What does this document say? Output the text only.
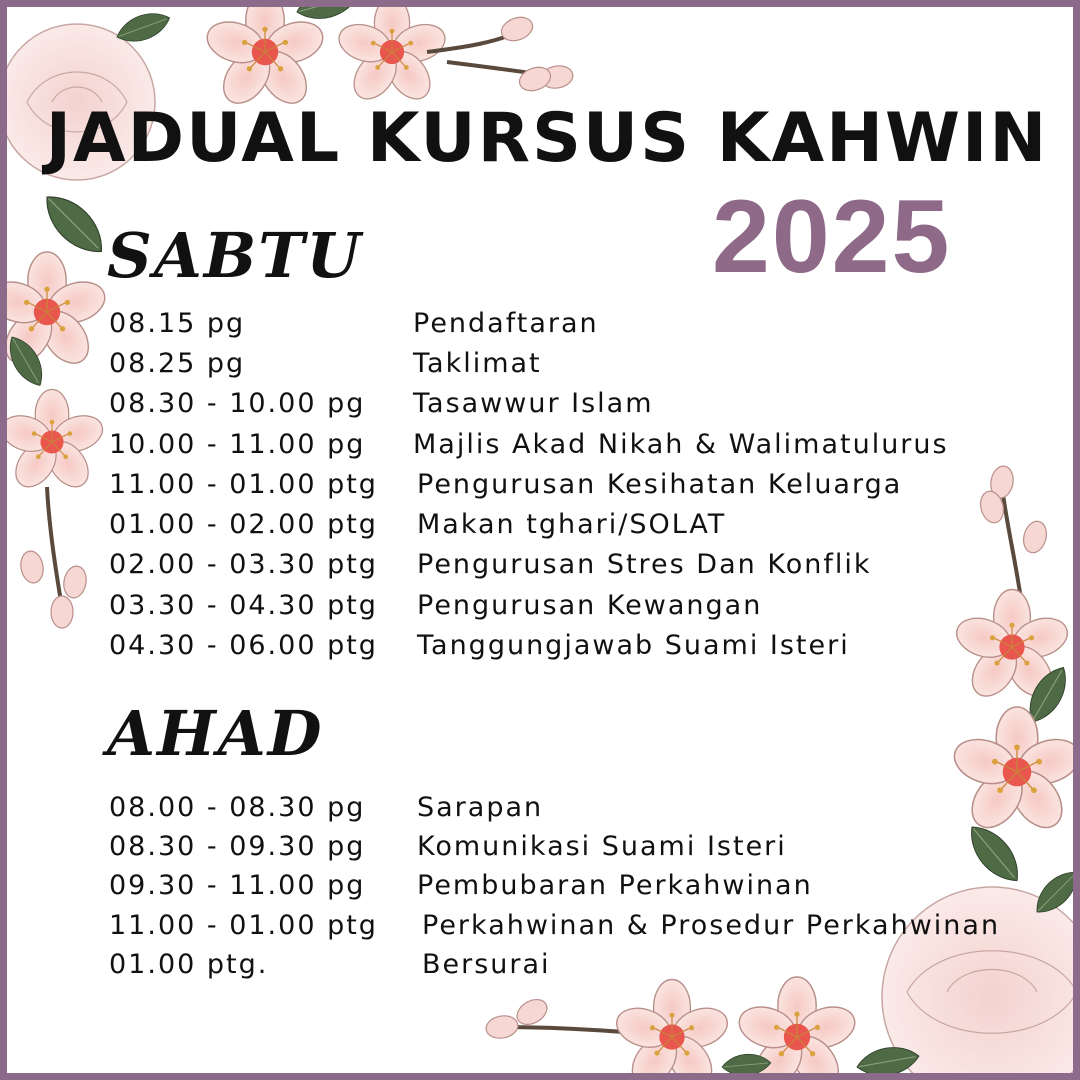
JADUAL KURSUS KAHWIN
2025
SABTU
08.15 pg	Pendaftaran
08.25 pg	Taklimat
08.30 - 10.00 pg	Tasawwur Islam
10.00 - 11.00 pg	Majlis Akad Nikah & Walimatulurus
11.00 - 01.00 ptg	Pengurusan Kesihatan Keluarga
01.00 - 02.00 ptg	Makan tghari/SOLAT
02.00 - 03.30 ptg	Pengurusan Stres Dan Konflik
03.30 - 04.30 ptg	Pengurusan Kewangan
04.30 - 06.00 ptg	Tanggungjawab Suami Isteri
AHAD
08.00 - 08.30 pg	Sarapan
08.30 - 09.30 pg	Komunikasi Suami Isteri
09.30 - 11.00 pg	Pembubaran Perkahwinan
11.00 - 01.00 ptg	Perkahwinan & Prosedur Perkahwinan
01.00 ptg.	Bersurai
